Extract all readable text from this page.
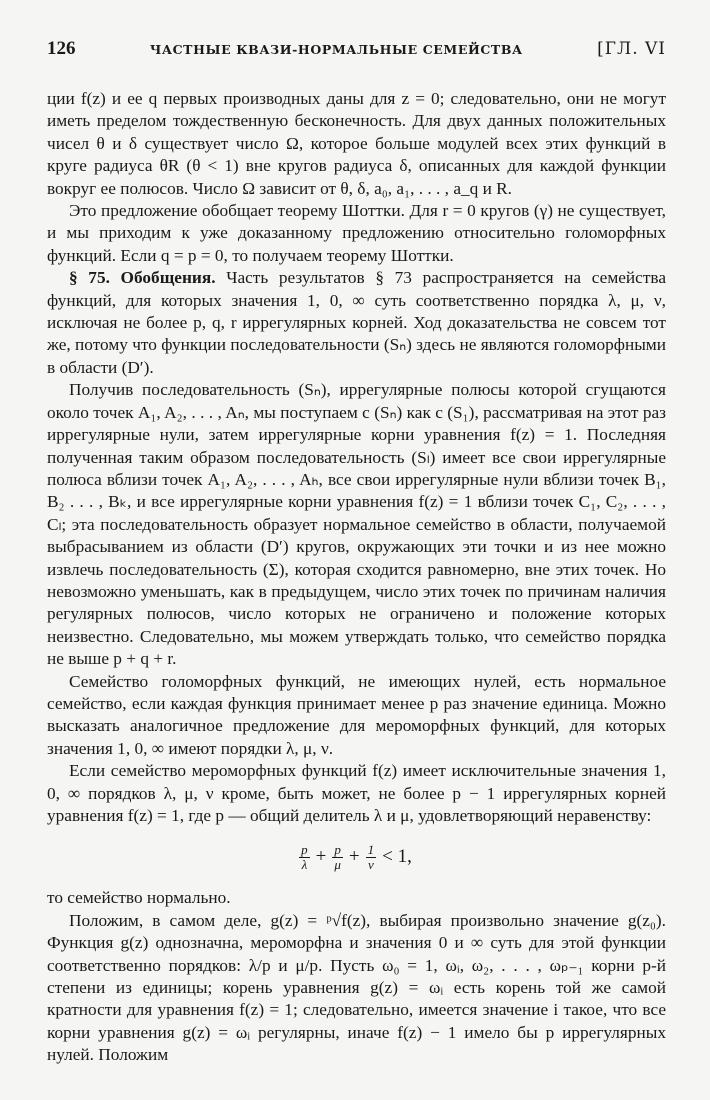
126	ЧАСТНЫЕ КВАЗИ-НОРМАЛЬНЫЕ СЕМЕЙСТВА	[ГЛ. VI

ции f(z) и ее q первых производных даны для z = 0; следовательно, они не могут иметь пределом тождественную бесконечность. Для двух данных положительных чисел θ и δ существует число Ω, которое больше модулей всех этих функций в круге радиуса θR (θ < 1) вне кругов радиуса δ, описанных для каждой функции вокруг ее полюсов. Число Ω зависит от θ, δ, a₀, a₁, . . . , a_q и R.

Это предложение обобщает теорему Шоттки. Для r = 0 кругов (γ) не существует, и мы приходим к уже доказанному предложению относительно голоморфных функций. Если q = p = 0, то получаем теорему Шоттки.

§ 75. Обобщения. Часть результатов § 73 распространяется на семейства функций, для которых значения 1, 0, ∞ суть соответственно порядка λ, μ, ν, исключая не более p, q, r иррегулярных корней. Ход доказательства не совсем тот же, потому что функции последовательности (Sₙ) здесь не являются голоморфными в области (D′).

Получив последовательность (Sₙ), иррегулярные полюсы которой сгущаются около точек A₁, A₂, . . . , Aₙ, мы поступаем с (Sₙ) как с (S₁), рассматривая на этот раз иррегулярные нули, затем иррегулярные корни уравнения f(z) = 1. Последняя полученная таким образом последовательность (Sₗ) имеет все свои иррегулярные полюса вблизи точек A₁, A₂, . . . , Aₕ, все свои иррегулярные нули вблизи точек B₁, B₂ . . . , Bₖ, и все иррегулярные корни уравнения f(z) = 1 вблизи точек C₁, C₂, . . . , Cₗ; эта последовательность образует нормальное семейство в области, получаемой выбрасыванием из области (D′) кругов, окружающих эти точки и из нее можно извлечь последовательность (Σ), которая сходится равномерно, вне этих точек. Но невозможно уменьшать, как в предыдущем, число этих точек по причинам наличия регулярных полюсов, число которых не ограничено и положение которых неизвестно. Следовательно, мы можем утверждать только, что семейство порядка не выше p + q + r.

Семейство голоморфных функций, не имеющих нулей, есть нормальное семейство, если каждая функция принимает менее p раз значение единица. Можно высказать аналогичное предложение для мероморфных функций, для которых значения 1, 0, ∞ имеют порядки λ, μ, ν.

Если семейство мероморфных функций f(z) имеет исключительные значения 1, 0, ∞ порядков λ, μ, ν кроме, быть может, не более p − 1 иррегулярных корней уравнения f(z) = 1, где p — общий делитель λ и μ, удовлетворяющий неравенству:

$\frac{p}{\lambda} + \frac{p}{\mu} + \frac{1}{\nu} < 1$,

то семейство нормально.

Положим, в самом деле, g(z) = ᵖ√f(z), выбирая произвольно значение g(z₀). Функция g(z) однозначна, мероморфна и значения 0 и ∞ суть для этой функции соответственно порядков: λ/p и μ/p. Пусть ω₀ = 1, ωᵢ, ω₂, . . . , ωₚ₋₁ корни p-й степени из единицы; корень уравнения g(z) = ωᵢ есть корень той же самой кратности для уравнения f(z) = 1; следовательно, имеется значение i такое, что все корни уравнения g(z) = ωᵢ регулярны, иначе f(z) − 1 имело бы p иррегулярных нулей. Положим
